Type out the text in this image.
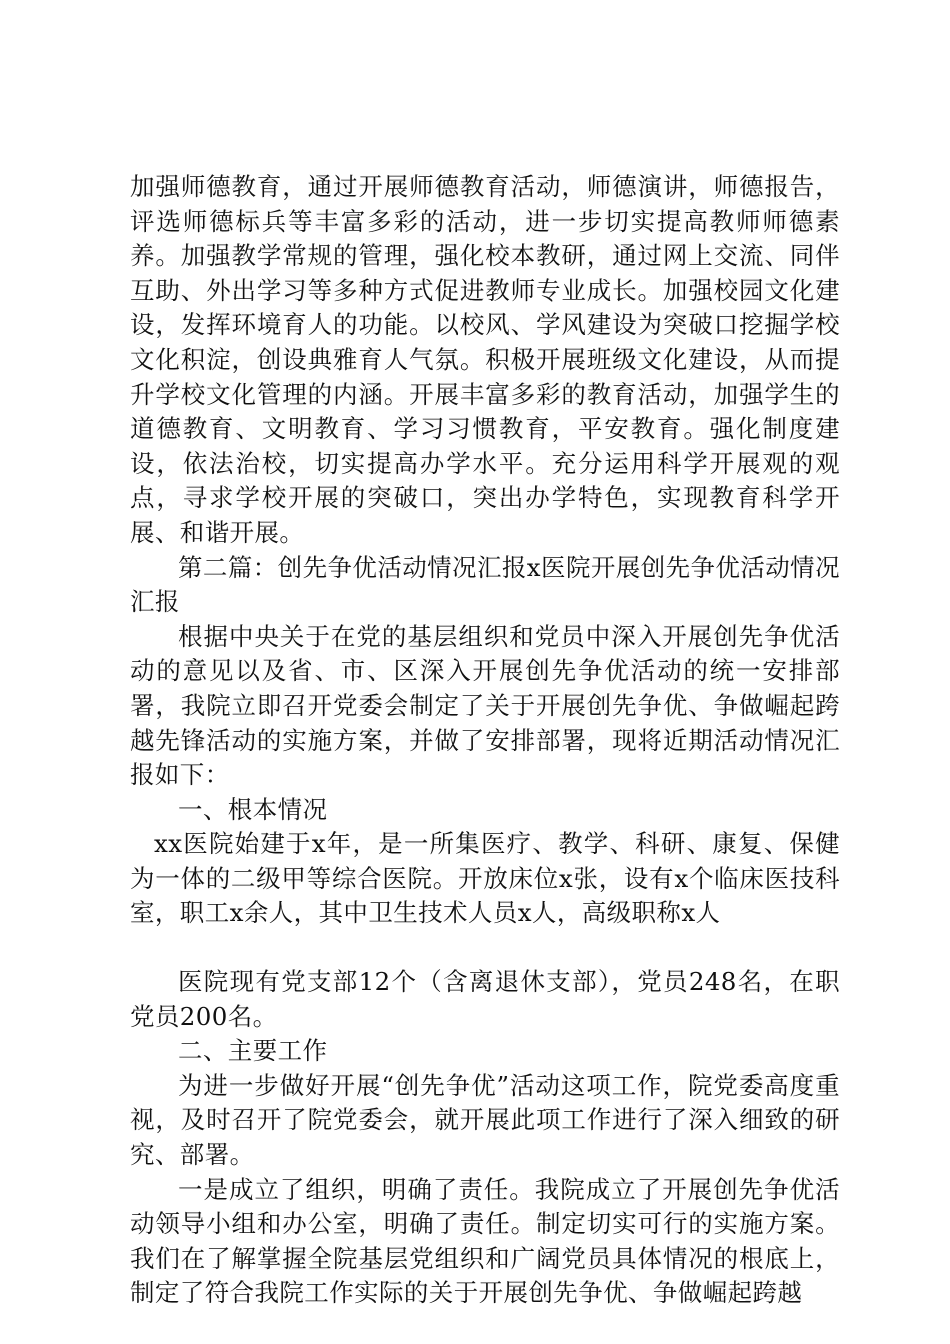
加强师德教育，通过开展师德教育活动，师德演讲，师德报告，评选师德标兵等丰富多彩的活动，进一步切实提高教师师德素养。加强教学常规的管理，强化校本教研，通过网上交流、同伴互助、外出学习等多种方式促进教师专业成长。加强校园文化建设，发挥环境育人的功能。以校风、学风建设为突破口挖掘学校文化积淀，创设典雅育人气氛。积极开展班级文化建设，从而提升学校文化管理的内涵。开展丰富多彩的教育活动，加强学生的道德教育、文明教育、学习习惯教育，平安教育。强化制度建设，依法治校，切实提高办学水平。充分运用科学开展观的观点，寻求学校开展的突破口，突出办学特色，实现教育科学开展、和谐开展。

第二篇：创先争优活动情况汇报x医院开展创先争优活动情况汇报

根据中央关于在党的基层组织和党员中深入开展创先争优活动的意见以及省、市、区深入开展创先争优活动的统一安排部署，我院立即召开党委会制定了关于开展创先争优、争做崛起跨越先锋活动的实施方案，并做了安排部署，现将近期活动情况汇报如下：

一、根本情况

xx医院始建于x年，是一所集医疗、教学、科研、康复、保健为一体的二级甲等综合医院。开放床位x张，设有x个临床医技科室，职工x余人，其中卫生技术人员x人，高级职称x人

医院现有党支部12个（含离退休支部），党员248名，在职党员200名。

二、主要工作

为进一步做好开展“创先争优”活动这项工作，院党委高度重视，及时召开了院党委会，就开展此项工作进行了深入细致的研究、部署。

一是成立了组织，明确了责任。我院成立了开展创先争优活动领导小组和办公室，明确了责任。制定切实可行的实施方案。我们在了解掌握全院基层党组织和广阔党员具体情况的根底上，制定了符合我院工作实际的关于开展创先争优、争做崛起跨越
